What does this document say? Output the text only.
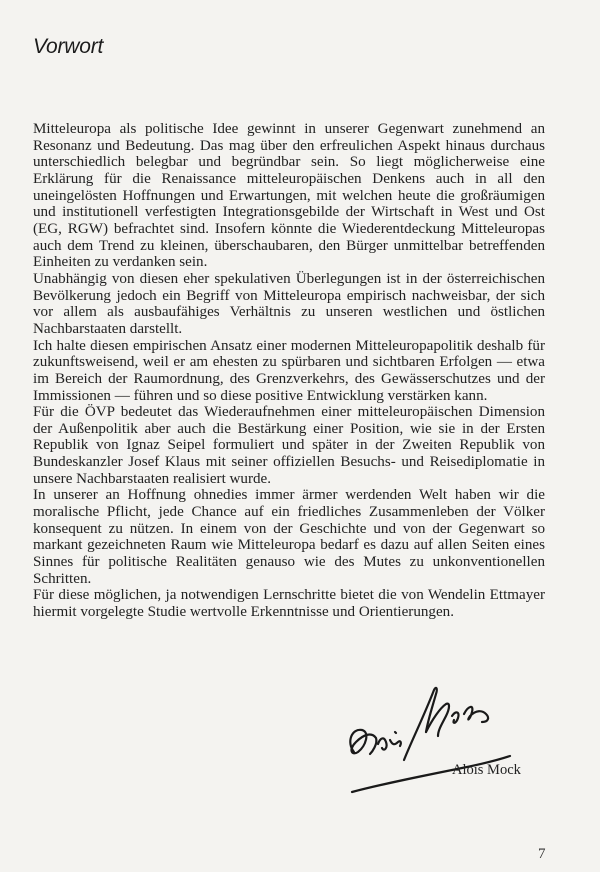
Vorwort

Mitteleuropa als politische Idee gewinnt in unserer Gegenwart zunehmend an Resonanz und Bedeutung. Das mag über den erfreulichen Aspekt hinaus durchaus unterschiedlich belegbar und begründbar sein. So liegt möglicherweise eine Erklärung für die Renaissance mitteleuropäischen Denkens auch in all den uneingelösten Hoffnungen und Erwartungen, mit welchen heute die großräumigen und institutionell verfestigten Integrationsgebilde der Wirtschaft in West und Ost (EG, RGW) befrachtet sind. Insofern könnte die Wiederentdeckung Mitteleuropas auch dem Trend zu kleinen, überschaubaren, den Bürger unmittelbar betreffenden Einheiten zu verdanken sein.

Unabhängig von diesen eher spekulativen Überlegungen ist in der österreichischen Bevölkerung jedoch ein Begriff von Mitteleuropa empirisch nachweisbar, der sich vor allem als ausbaufähiges Verhältnis zu unseren westlichen und östlichen Nachbarstaaten darstellt.

Ich halte diesen empirischen Ansatz einer modernen Mitteleuropapolitik deshalb für zukunftsweisend, weil er am ehesten zu spürbaren und sichtbaren Erfolgen — etwa im Bereich der Raumordnung, des Grenzverkehrs, des Gewässerschutzes und der Immissionen — führen und so diese positive Entwicklung verstärken kann.

Für die ÖVP bedeutet das Wiederaufnehmen einer mitteleuropäischen Dimension der Außenpolitik aber auch die Bestärkung einer Position, wie sie in der Ersten Republik von Ignaz Seipel formuliert und später in der Zweiten Republik von Bundeskanzler Josef Klaus mit seiner offiziellen Besuchs- und Reisediplomatie in unsere Nachbarstaaten realisiert wurde.

In unserer an Hoffnung ohnedies immer ärmer werdenden Welt haben wir die moralische Pflicht, jede Chance auf ein friedliches Zusammenleben der Völker konsequent zu nützen. In einem von der Geschichte und von der Gegenwart so markant gezeichneten Raum wie Mitteleuropa bedarf es dazu auf allen Seiten eines Sinnes für politische Realitäten genauso wie des Mutes zu unkonventionellen Schritten.

Für diese möglichen, ja notwendigen Lernschritte bietet die von Wendelin Ettmayer hiermit vorgelegte Studie wertvolle Erkenntnisse und Orientierungen.

Alois Mock
7
